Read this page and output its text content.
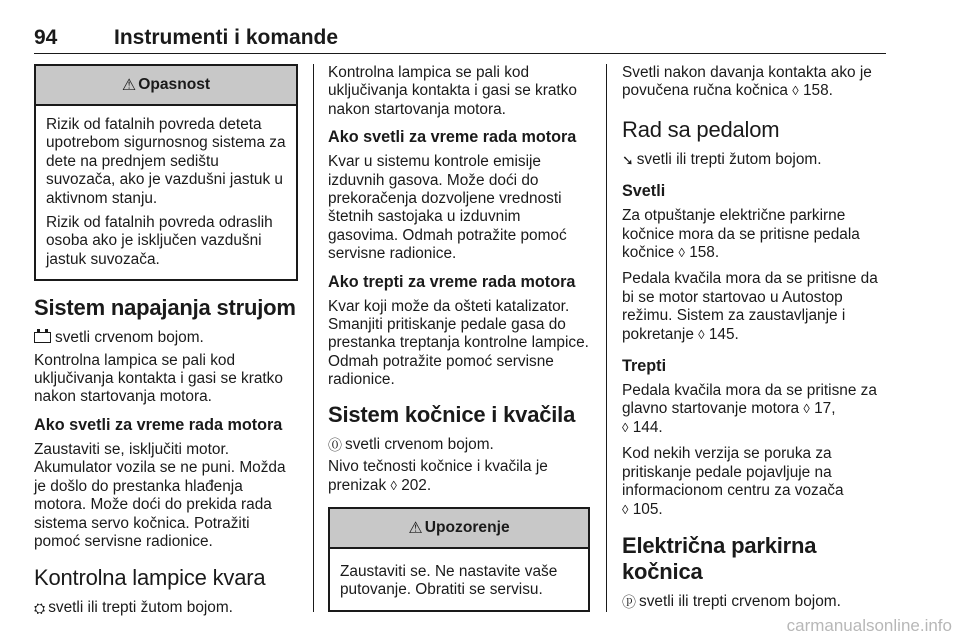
94	Instrumenti i komande
⚠ Opasnost

Rizik od fatalnih povreda deteta upotrebom sigurnosnog sistema za dete na prednjem sedištu suvozača, ako je vazdušni jastuk u aktivnom stanju.

Rizik od fatalnih povreda odraslih osoba ako je isključen vazdušni jastuk suvozača.

Sistem napajanja strujom

svetli crvenom bojom.

Kontrolna lampica se pali kod uključivanja kontakta i gasi se kratko nakon startovanja motora.

Ako svetli za vreme rada motora

Zaustaviti se, isključiti motor. Akumulator vozila se ne puni. Možda je došlo do prestanka hlađenja motora. Može doći do prekida rada sistema servo kočnica. Potražiti pomoć servisne radionice.

Kontrolna lampice kvara

⛭ svetli ili trepti žutom bojom.

Kontrolna lampica se pali kod uključivanja kontakta i gasi se kratko nakon startovanja motora.

Ako svetli za vreme rada motora

Kvar u sistemu kontrole emisije izduvnih gasova. Može doći do prekoračenja dozvoljene vrednosti štetnih sastojaka u izduvnim gasovima. Odmah potražite pomoć servisne radionice.

Ako trepti za vreme rada motora

Kvar koji može da ošteti katalizator. Smanjiti pritiskanje pedale gasa do prestanka treptanja kontrolne lampice. Odmah potražite pomoć servisne radionice.

Sistem kočnice i kvačila

⓪ svetli crvenom bojom.

Nivo tečnosti kočnice i kvačila je prenizak ◊ 202.

⚠ Upozorenje

Zaustaviti se. Ne nastavite vaše putovanje. Obratiti se servisu.

Svetli nakon davanja kontakta ako je povučena ručna kočnica ◊ 158.

Rad sa pedalom

➘ svetli ili trepti žutom bojom.

Svetli

Za otpuštanje električne parkirne kočnice mora da se pritisne pedala kočnice ◊ 158.

Pedala kvačila mora da se pritisne da bi se motor startovao u Autostop režimu. Sistem za zaustavljanje i pokretanje ◊ 145.

Trepti

Pedala kvačila mora da se pritisne za glavno startovanje motora ◊ 17,
◊ 144.

Kod nekih verzija se poruka za pritiskanje pedale pojavljuje na informacionom centru za vozača
◊ 105.

Električna parkirna kočnica

ⓟ svetli ili trepti crvenom bojom.

carmanualsonline.info
